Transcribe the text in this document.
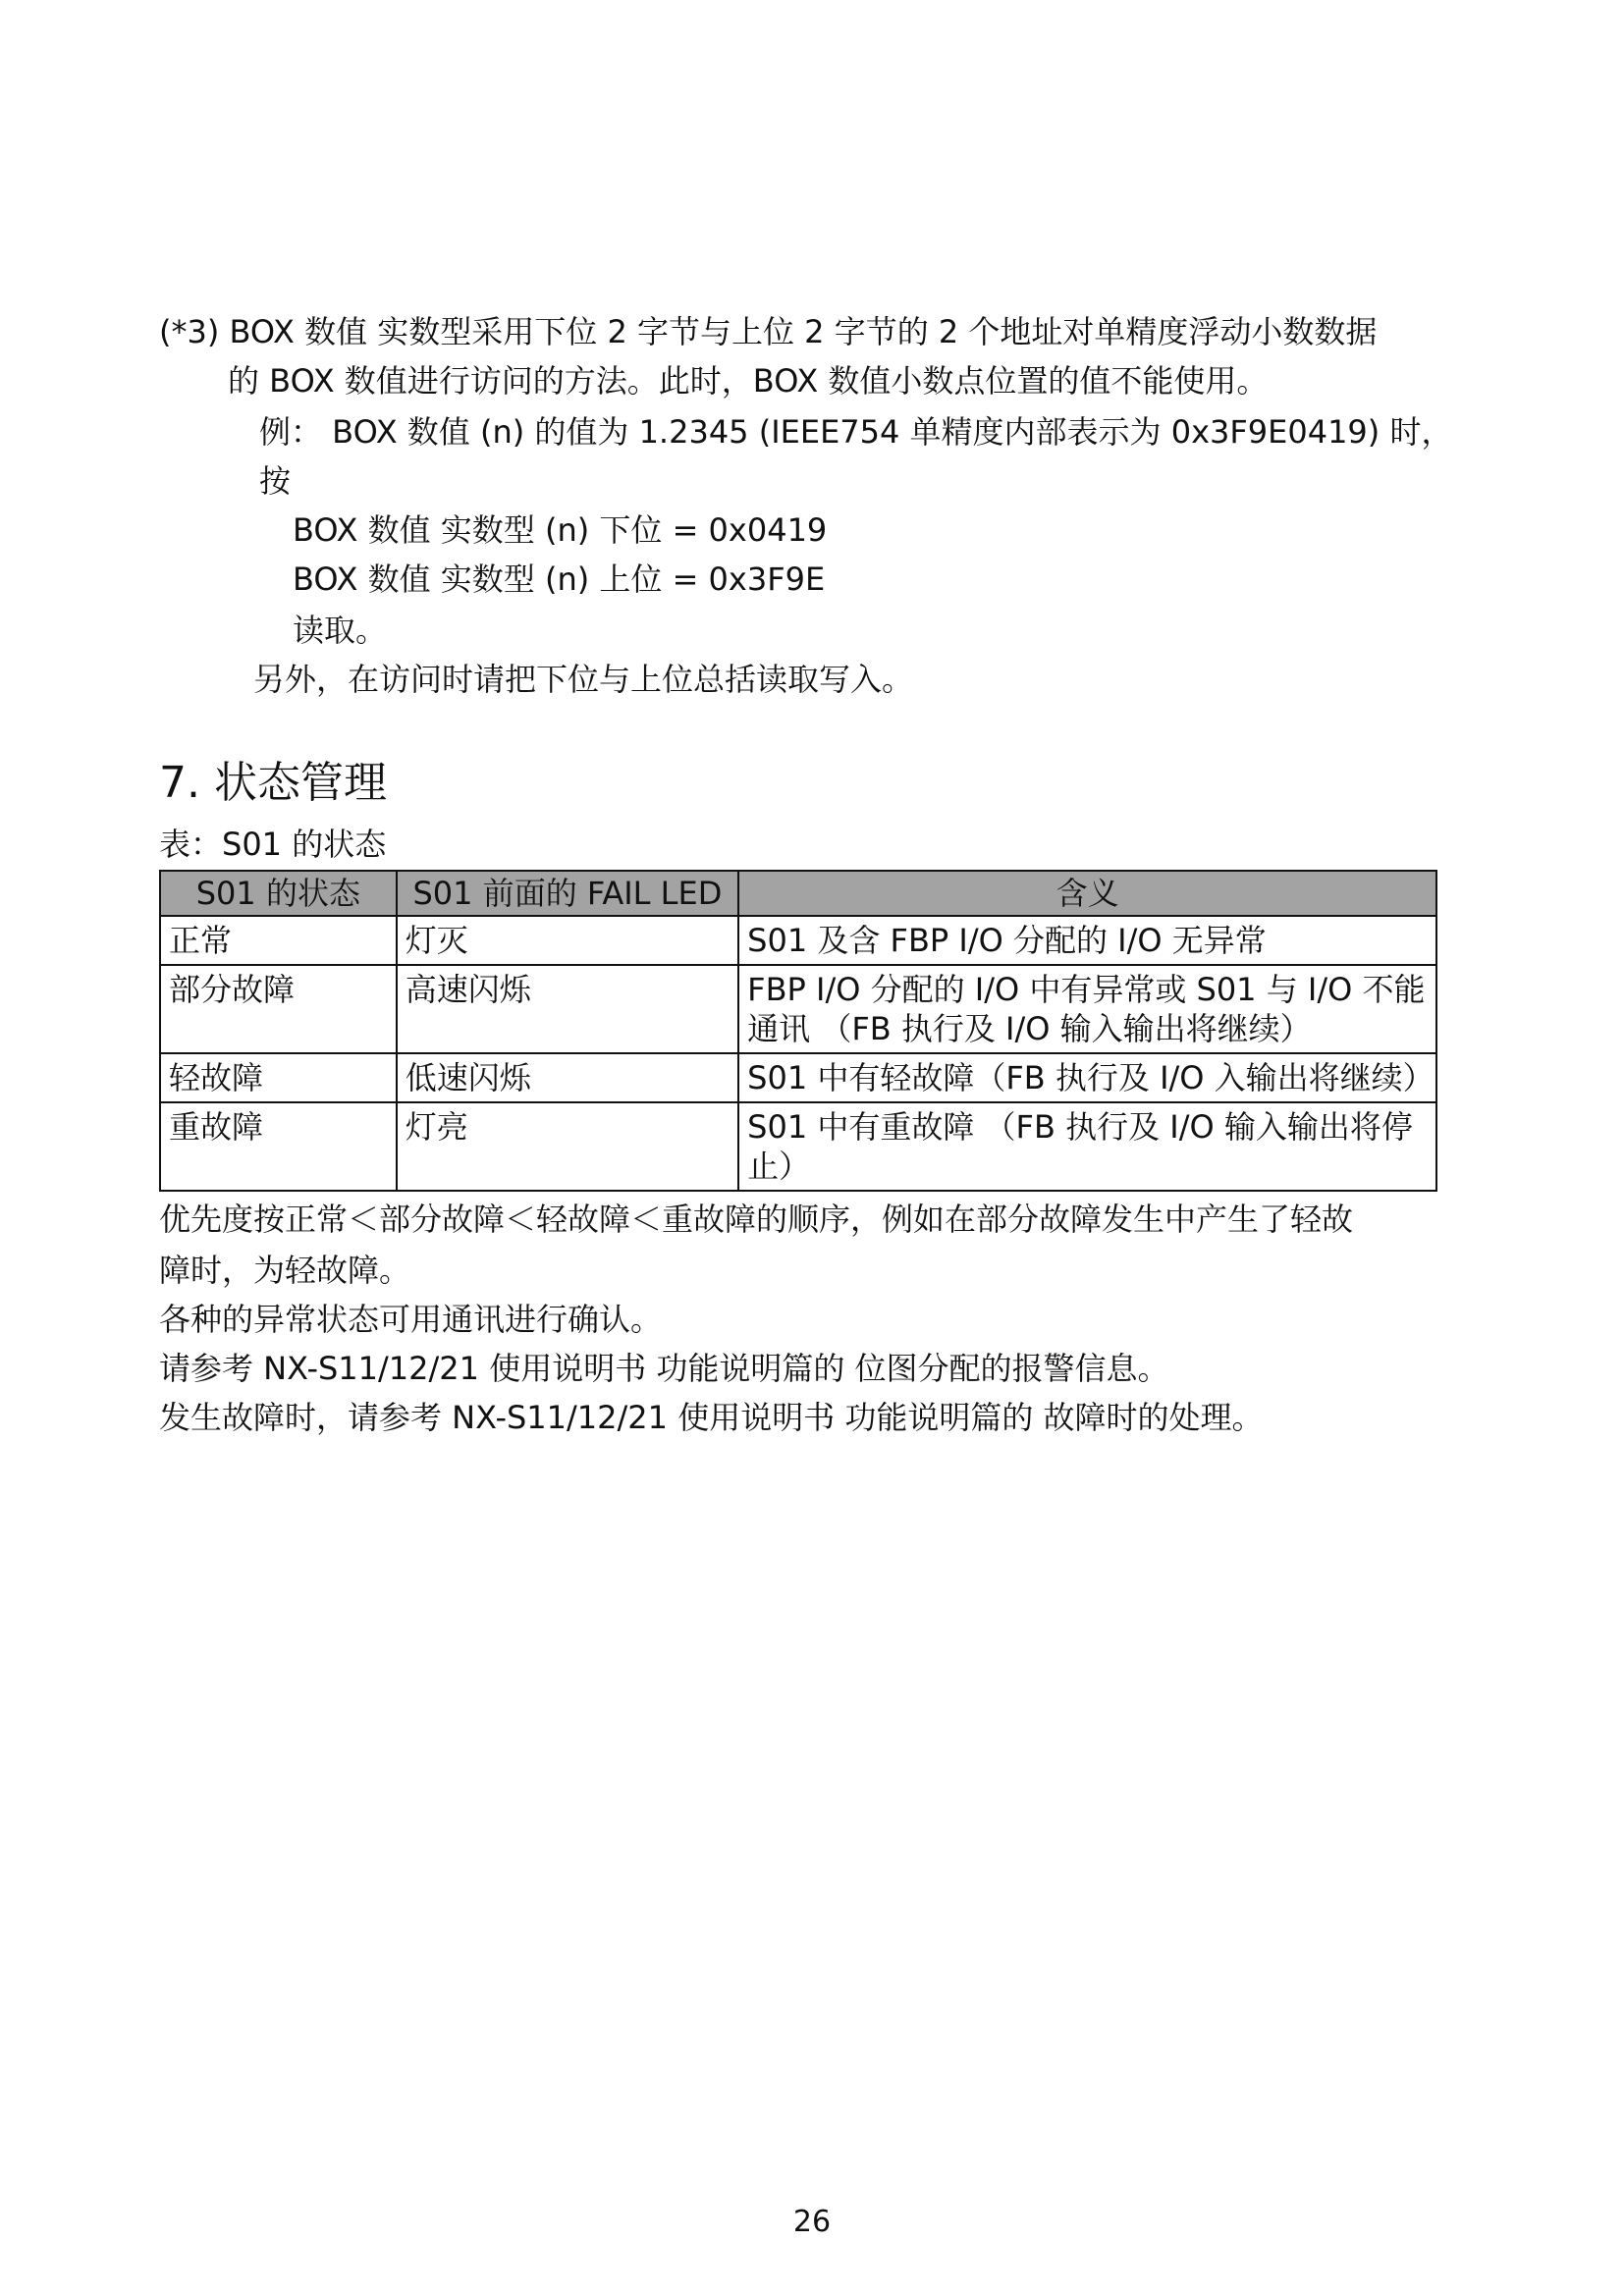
(*3) BOX 数值 实数型采用下位 2 字节与上位 2 字节的 2 个地址对单精度浮动小数数据
的 BOX 数值进行访问的方法。此时，BOX 数值小数点位置的值不能使用。
例： BOX 数值 (n) 的值为 1.2345 (IEEE754 单精度内部表示为 0x3F9E0419) 时，
按
BOX 数值 实数型 (n) 下位 = 0x0419
BOX 数值 实数型 (n) 上位 = 0x3F9E
读取。
另外，在访问时请把下位与上位总括读取写入。
7. 状态管理
表：S01 的状态
S01 的状态	S01 前面的 FAIL LED	含义
正常	灯灭	S01 及含 FBP I/O 分配的 I/O 无异常
部分故障	高速闪烁	FBP I/O 分配的 I/O 中有异常或 S01 与 I/O 不能通讯 （FB 执行及 I/O 输入输出将继续）
轻故障	低速闪烁	S01 中有轻故障（FB 执行及 I/O 入输出将继续）
重故障	灯亮	S01 中有重故障 （FB 执行及 I/O 输入输出将停止）
优先度按正常＜部分故障＜轻故障＜重故障的顺序，例如在部分故障发生中产生了轻故
障时，为轻故障。
各种的异常状态可用通讯进行确认。
请参考 NX-S11/12/21 使用说明书 功能说明篇的 位图分配的报警信息。
发生故障时，请参考 NX-S11/12/21 使用说明书 功能说明篇的 故障时的处理。
26
